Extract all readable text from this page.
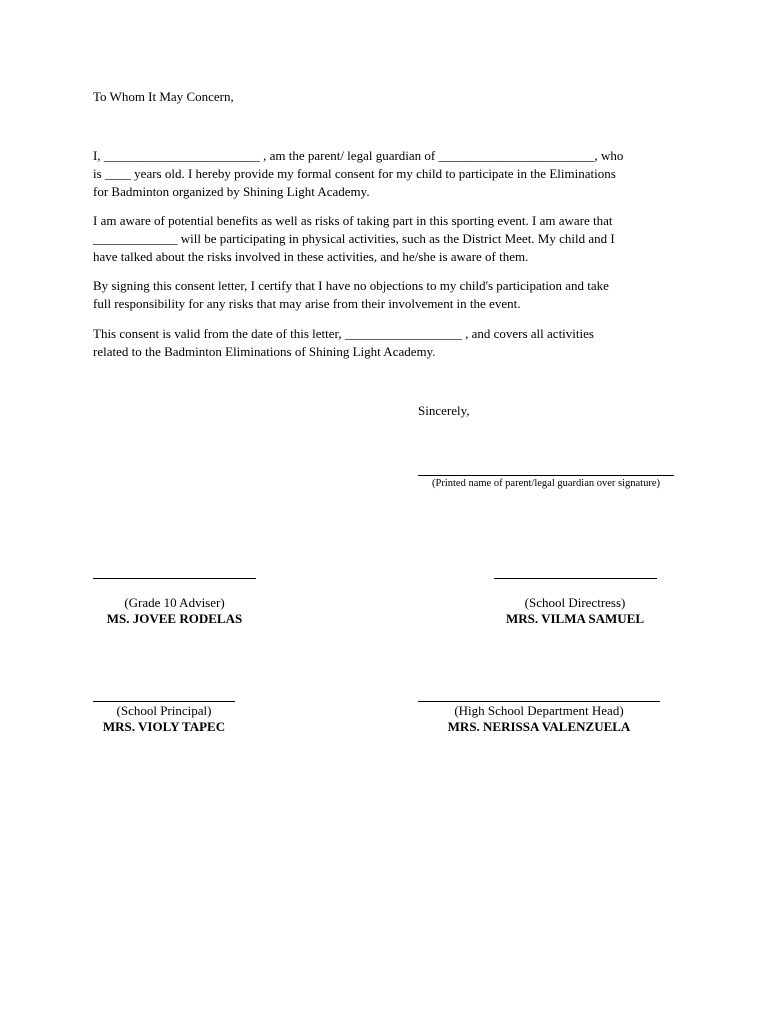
To Whom It May Concern,

I, ________________________ , am the parent/ legal guardian of ________________________, who
is ____ years old. I hereby provide my formal consent for my child to participate in the Eliminations
for Badminton organized by Shining Light Academy.

I am aware of potential benefits as well as risks of taking part in this sporting event. I am aware that
_____________ will be participating in physical activities, such as the District Meet. My child and I
have talked about the risks involved in these activities, and he/she is aware of them.

By signing this consent letter, I certify that I have no objections to my child's participation and take
full responsibility for any risks that may arise from their involvement in the event.

This consent is valid from the date of this letter, __________________ , and covers all activities
related to the Badminton Eliminations of Shining Light Academy.

Sincerely,
(Printed name of parent/legal guardian over signature)
(Grade 10 Adviser)
MS. JOVEE RODELAS
(School Directress)
MRS. VILMA SAMUEL
(School Principal)
MRS. VIOLY TAPEC
(High School Department Head)
MRS. NERISSA VALENZUELA
